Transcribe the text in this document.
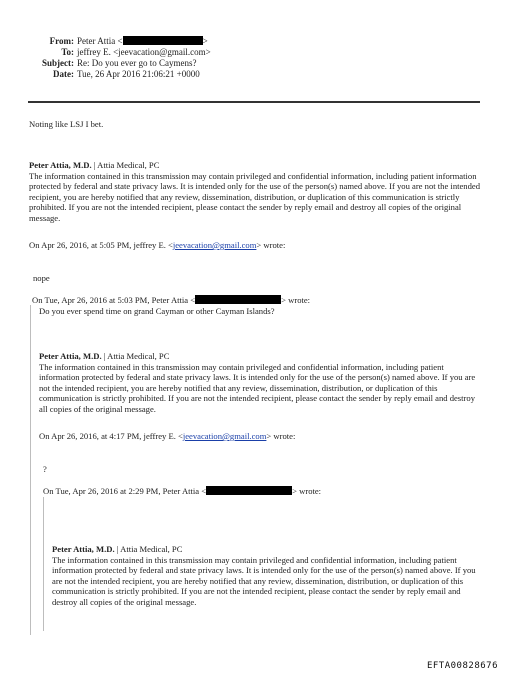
From: Peter Attia <	>
To: jeffrey E. <jeevacation@gmail.com>
Subject: Re: Do you ever go to Caymens?
Date: Tue, 26 Apr 2016 21:06:21 +0000
Noting like LSJ I bet.
Peter Attia, M.D. | Attia Medical, PC
The information contained in this transmission may contain privileged and confidential information, including patient information protected by federal and state privacy laws. It is intended only for the use of the person(s) named above. If you are not the intended recipient, you are hereby notified that any review, dissemination, distribution, or duplication of this communication is strictly prohibited. If you are not the intended recipient, please contact the sender by reply email and destroy all copies of the original message.
On Apr 26, 2016, at 5:05 PM, jeffrey E. <jeevacation@gmail.com> wrote:
nope
On Tue, Apr 26, 2016 at 5:03 PM, Peter Attia <	> wrote:
Do you ever spend time on grand Cayman or other Cayman Islands?
Peter Attia, M.D. | Attia Medical, PC
The information contained in this transmission may contain privileged and confidential information, including patient information protected by federal and state privacy laws. It is intended only for the use of the person(s) named above. If you are not the intended recipient, you are hereby notified that any review, dissemination, distribution, or duplication of this communication is strictly prohibited. If you are not the intended recipient, please contact the sender by reply email and destroy all copies of the original message.
On Apr 26, 2016, at 4:17 PM, jeffrey E. <jeevacation@gmail.com> wrote:
?
On Tue, Apr 26, 2016 at 2:29 PM, Peter Attia <	> wrote:
Peter Attia, M.D. | Attia Medical, PC
The information contained in this transmission may contain privileged and confidential information, including patient information protected by federal and state privacy laws. It is intended only for the use of the person(s) named above. If you are not the intended recipient, you are hereby notified that any review, dissemination, distribution, or duplication of this communication is strictly prohibited. If you are not the intended recipient, please contact the sender by reply email and destroy all copies of the original message.
EFTA00828676
